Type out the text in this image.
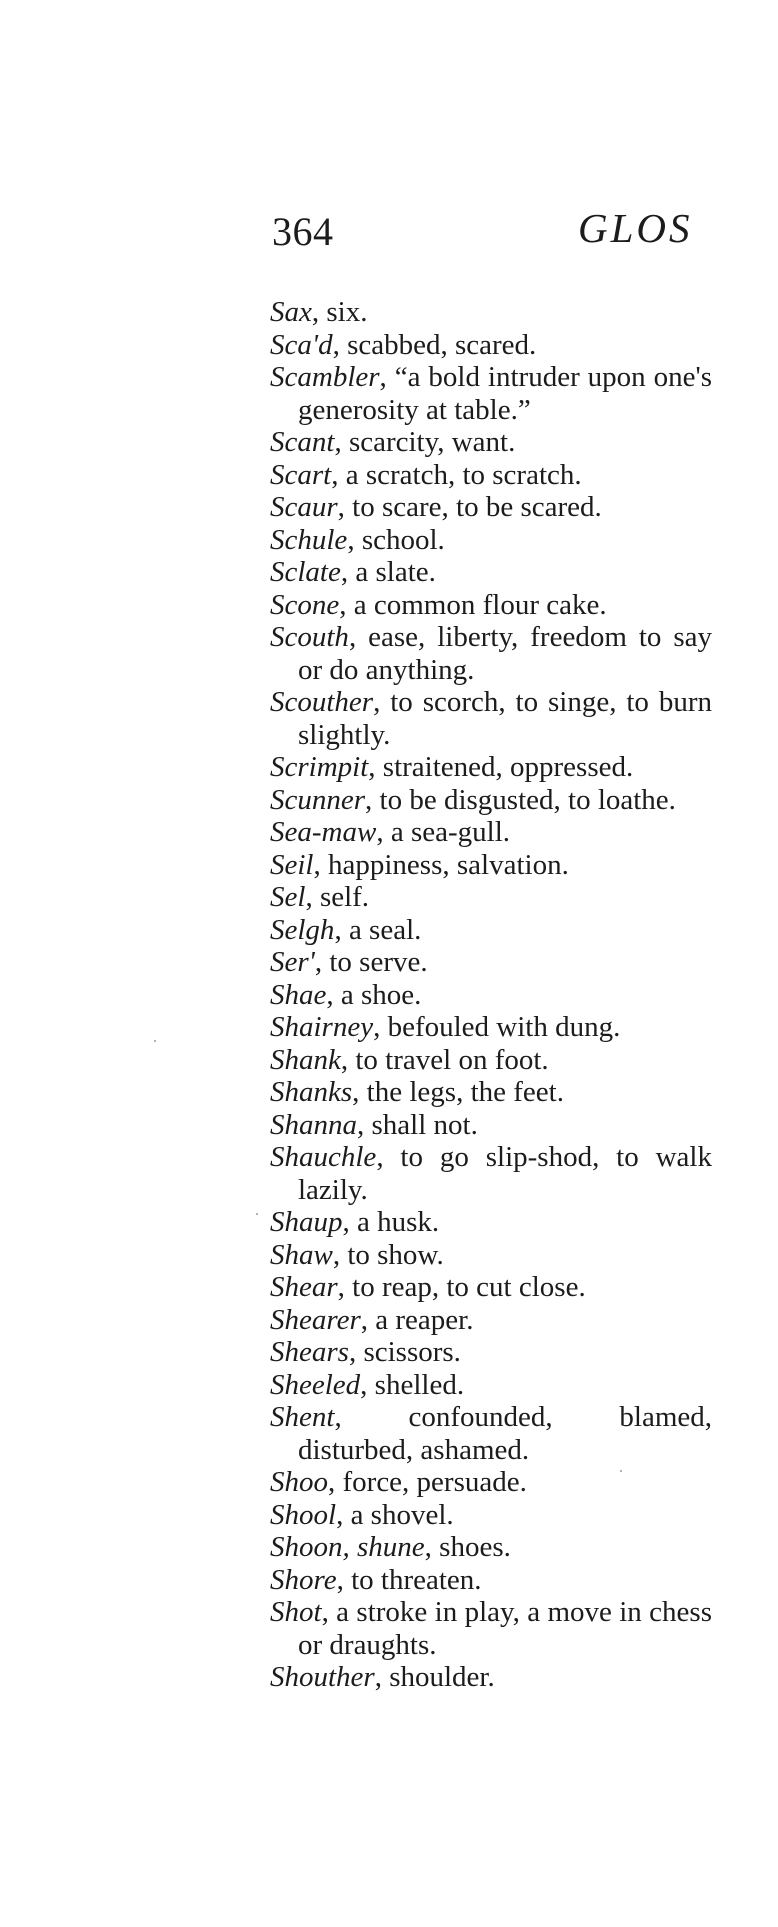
364	GLOS
Sax, six.
Sca'd, scabbed, scared.
Scambler, “a bold intruder upon one's generosity at table.”
Scant, scarcity, want.
Scart, a scratch, to scratch.
Scaur, to scare, to be scared.
Schule, school.
Sclate, a slate.
Scone, a common flour cake.
Scouth, ease, liberty, freedom to say or do anything.
Scouther, to scorch, to singe, to burn slightly.
Scrimpit, straitened, oppressed.
Scunner, to be disgusted, to loathe.
Sea-maw, a sea-gull.
Seil, happiness, salvation.
Sel, self.
Selgh, a seal.
Ser', to serve.
Shae, a shoe.
Shairney, befouled with dung.
Shank, to travel on foot.
Shanks, the legs, the feet.
Shanna, shall not.
Shauchle, to go slip-shod, to walk lazily.
Shaup, a husk.
Shaw, to show.
Shear, to reap, to cut close.
Shearer, a reaper.
Shears, scissors.
Sheeled, shelled.
Shent, confounded, blamed, disturbed, ashamed.
Shoo, force, persuade.
Shool, a shovel.
Shoon, shune, shoes.
Shore, to threaten.
Shot, a stroke in play, a move in chess or draughts.
Shouther, shoulder.
